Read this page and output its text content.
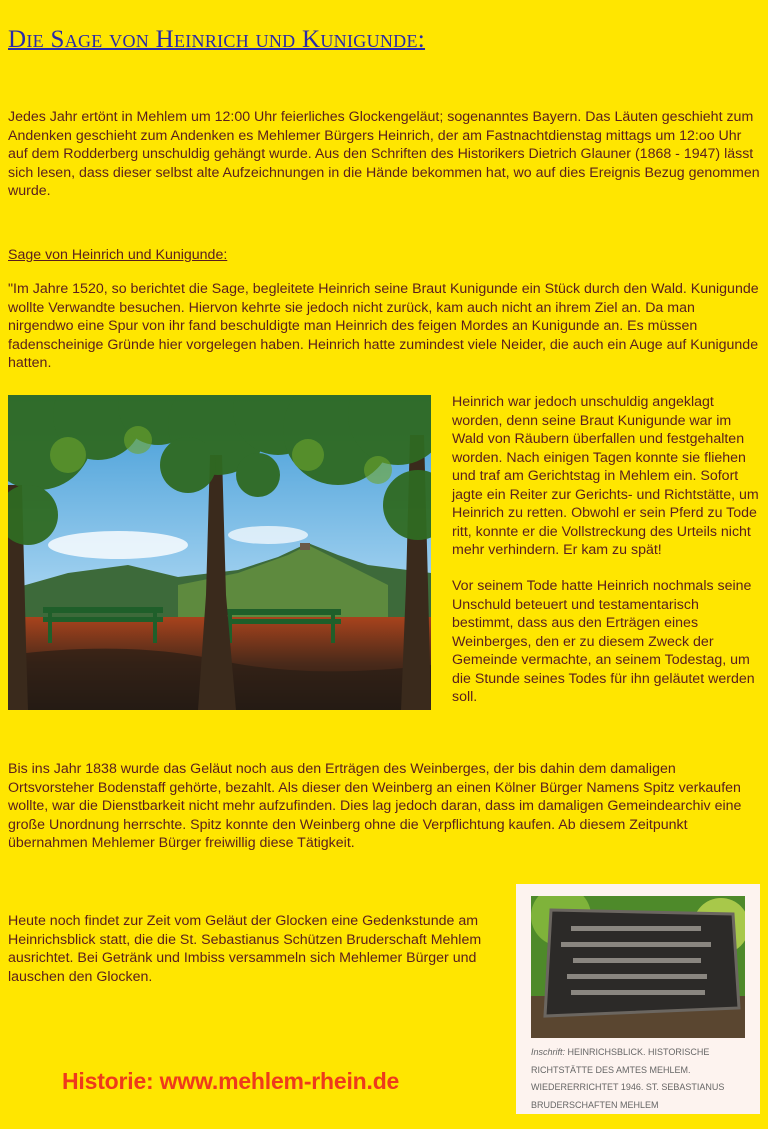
Die Sage von Heinrich und Kunigunde:

Jedes Jahr ertönt in Mehlem um 12:00 Uhr feierliches Glockengeläut; sogenanntes Bayern. Das Läuten geschieht zum Andenken geschieht zum Andenken es Mehlemer Bürgers Heinrich, der am Fastnachtdienstag mittags um 12:oo Uhr auf dem Rodderberg unschuldig gehängt wurde. Aus den Schriften des Historikers Dietrich Glauner (1868 - 1947) lässt sich lesen, dass dieser selbst alte Aufzeichnungen in die Hände bekommen hat, wo auf dies Ereignis Bezug genommen wurde.

Sage von Heinrich und Kunigunde:

"Im Jahre 1520, so berichtet die Sage, begleitete Heinrich seine Braut Kunigunde ein Stück durch den Wald. Kunigunde wollte Verwandte besuchen. Hiervon kehrte sie jedoch nicht zurück, kam auch nicht an ihrem Ziel an. Da man nirgendwo eine Spur von ihr fand beschuldigte man Heinrich des feigen Mordes an Kunigunde an. Es müssen fadenscheinige Gründe hier vorgelegen haben. Heinrich hatte zumindest viele Neider, die auch ein Auge auf Kunigunde hatten.

Heinrich war jedoch unschuldig angeklagt worden, denn seine Braut Kunigunde war im Wald von Räubern überfallen und festgehalten worden. Nach einigen Tagen konnte sie fliehen und traf am Gerichtstag in Mehlem ein. Sofort jagte ein Reiter zur Gerichts- und Richtstätte, um Heinrich zu retten. Obwohl er sein Pferd zu Tode ritt, konnte er die Vollstreckung des Urteils nicht mehr verhindern. Er kam zu spät!

Vor seinem Tode hatte Heinrich nochmals seine Unschuld beteuert und testamentarisch bestimmt, dass aus den Erträgen eines Weinberges, den er zu diesem Zweck der Gemeinde vermachte, an seinem Todestag, um die Stunde seines Todes für ihn geläutet werden soll.

Bis ins Jahr 1838 wurde das Geläut noch aus den Erträgen des Weinberges, der bis dahin dem damaligen Ortsvorsteher Bodenstaff gehörte, bezahlt. Als dieser den Weinberg an einen Kölner Bürger Namens Spitz verkaufen wollte, war die Dienstbarkeit nicht mehr aufzufinden. Dies lag jedoch daran, dass im damaligen Gemeindearchiv eine große Unordnung herrschte. Spitz konnte den Weinberg ohne die Verpflichtung kaufen. Ab diesem Zeitpunkt übernahmen Mehlemer Bürger freiwillig diese Tätigkeit.

Heute noch findet zur Zeit vom Geläut der Glocken eine Gedenkstunde am Heinrichsblick statt, die die St. Sebastianus Schützen Bruderschaft Mehlem ausrichtet. Bei Getränk und Imbiss versammeln sich Mehlemer Bürger und lauschen den Glocken.

Inschrift: HEINRICHSBLICK. HISTORISCHE RICHTSTÄTTE DES AMTES MEHLEM. WIEDERERRICHTET 1946. ST. SEBASTIANUS BRUDERSCHAFTEN MEHLEM

Historie: www.mehlem-rhein.de
